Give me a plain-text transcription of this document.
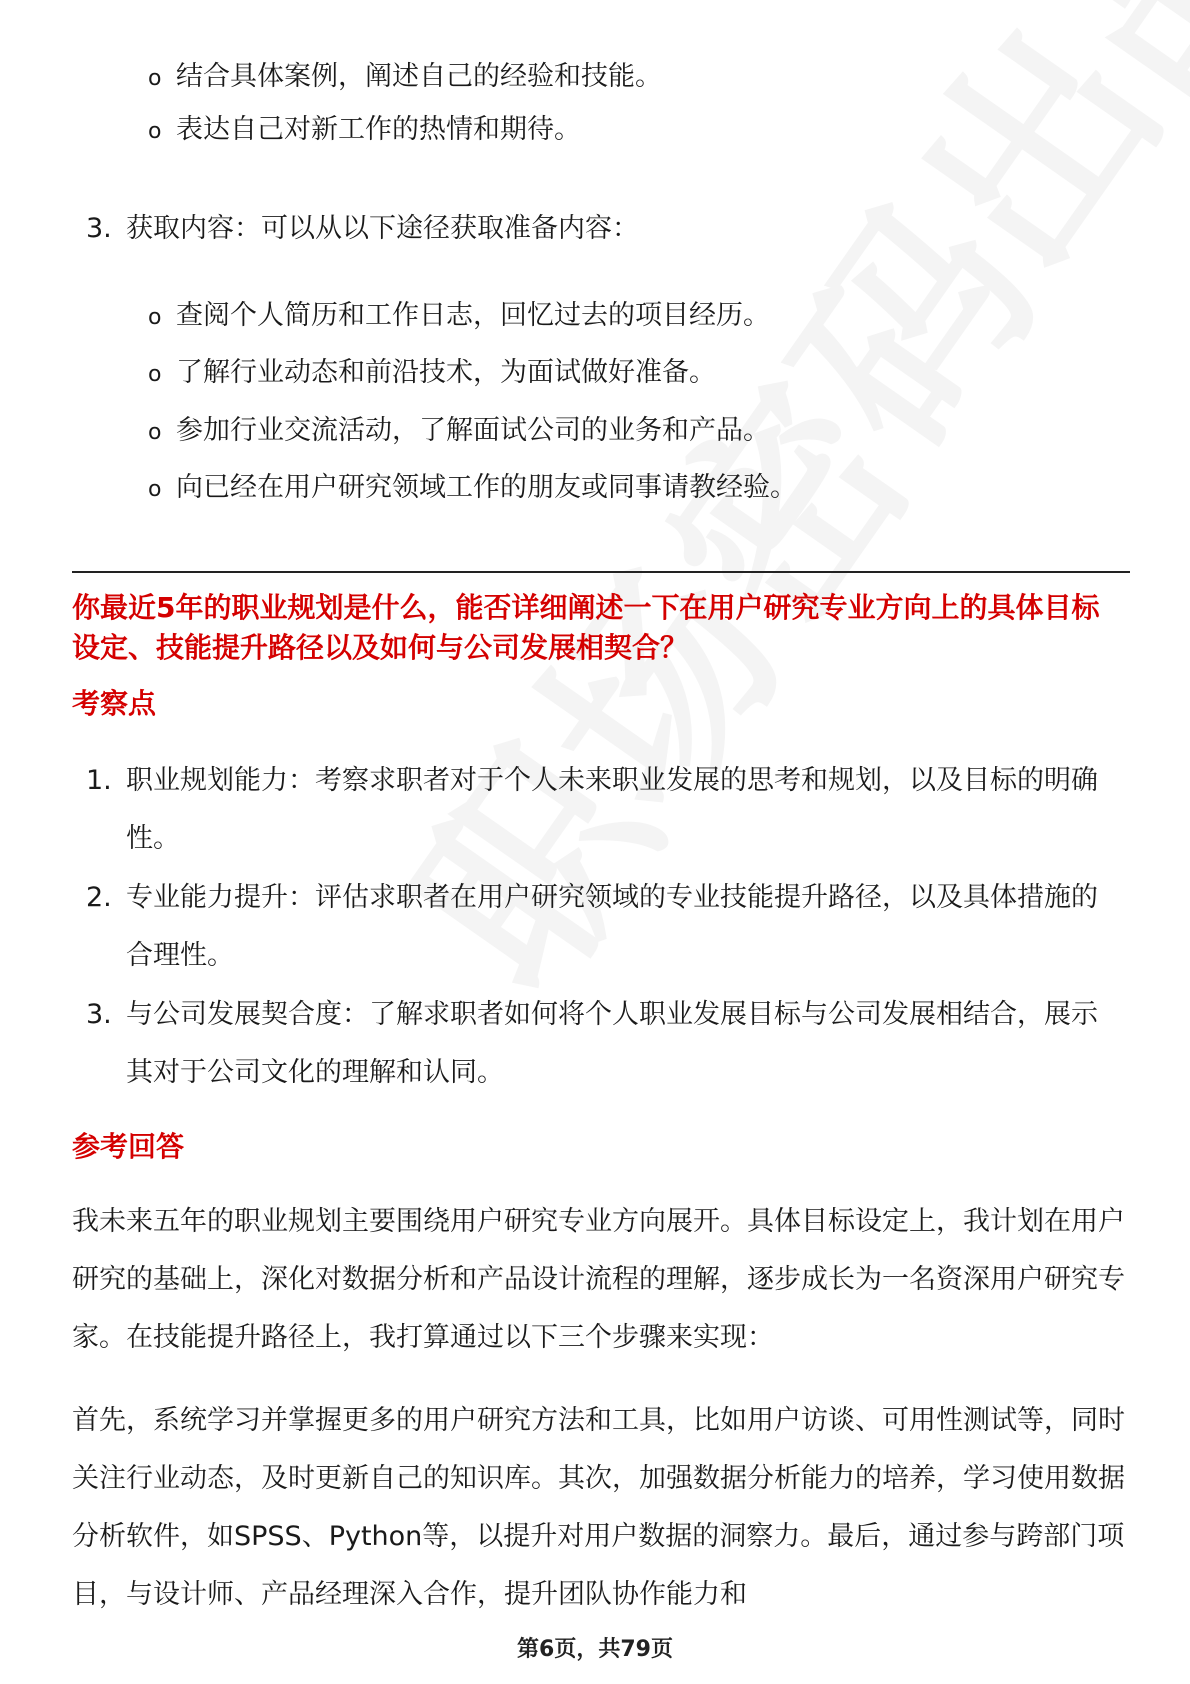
o 结合具体案例，阐述自己的经验和技能。
o 表达自己对新工作的热情和期待。
3. 获取内容：可以从以下途径获取准备内容：
o 查阅个人简历和工作日志，回忆过去的项目经历。
o 了解行业动态和前沿技术，为面试做好准备。
o 参加行业交流活动，了解面试公司的业务和产品。
o 向已经在用户研究领域工作的朋友或同事请教经验。
你最近5年的职业规划是什么，能否详细阐述一下在用户研究专业方向上的具体目标设定、技能提升路径以及如何与公司发展相契合？
考察点
1. 职业规划能力：考察求职者对于个人未来职业发展的思考和规划，以及目标的明确性。
2. 专业能力提升：评估求职者在用户研究领域的专业技能提升路径，以及具体措施的合理性。
3. 与公司发展契合度：了解求职者如何将个人职业发展目标与公司发展相结合，展示其对于公司文化的理解和认同。
参考回答
我未来五年的职业规划主要围绕用户研究专业方向展开。具体目标设定上，我计划在用户研究的基础上，深化对数据分析和产品设计流程的理解，逐步成长为一名资深用户研究专家。在技能提升路径上，我打算通过以下三个步骤来实现：
首先，系统学习并掌握更多的用户研究方法和工具，比如用户访谈、可用性测试等，同时关注行业动态，及时更新自己的知识库。其次，加强数据分析能力的培养，学习使用数据分析软件，如SPSS、Python等，以提升对用户数据的洞察力。最后，通过参与跨部门项目，与设计师、产品经理深入合作，提升团队协作能力和
第6页，共79页
